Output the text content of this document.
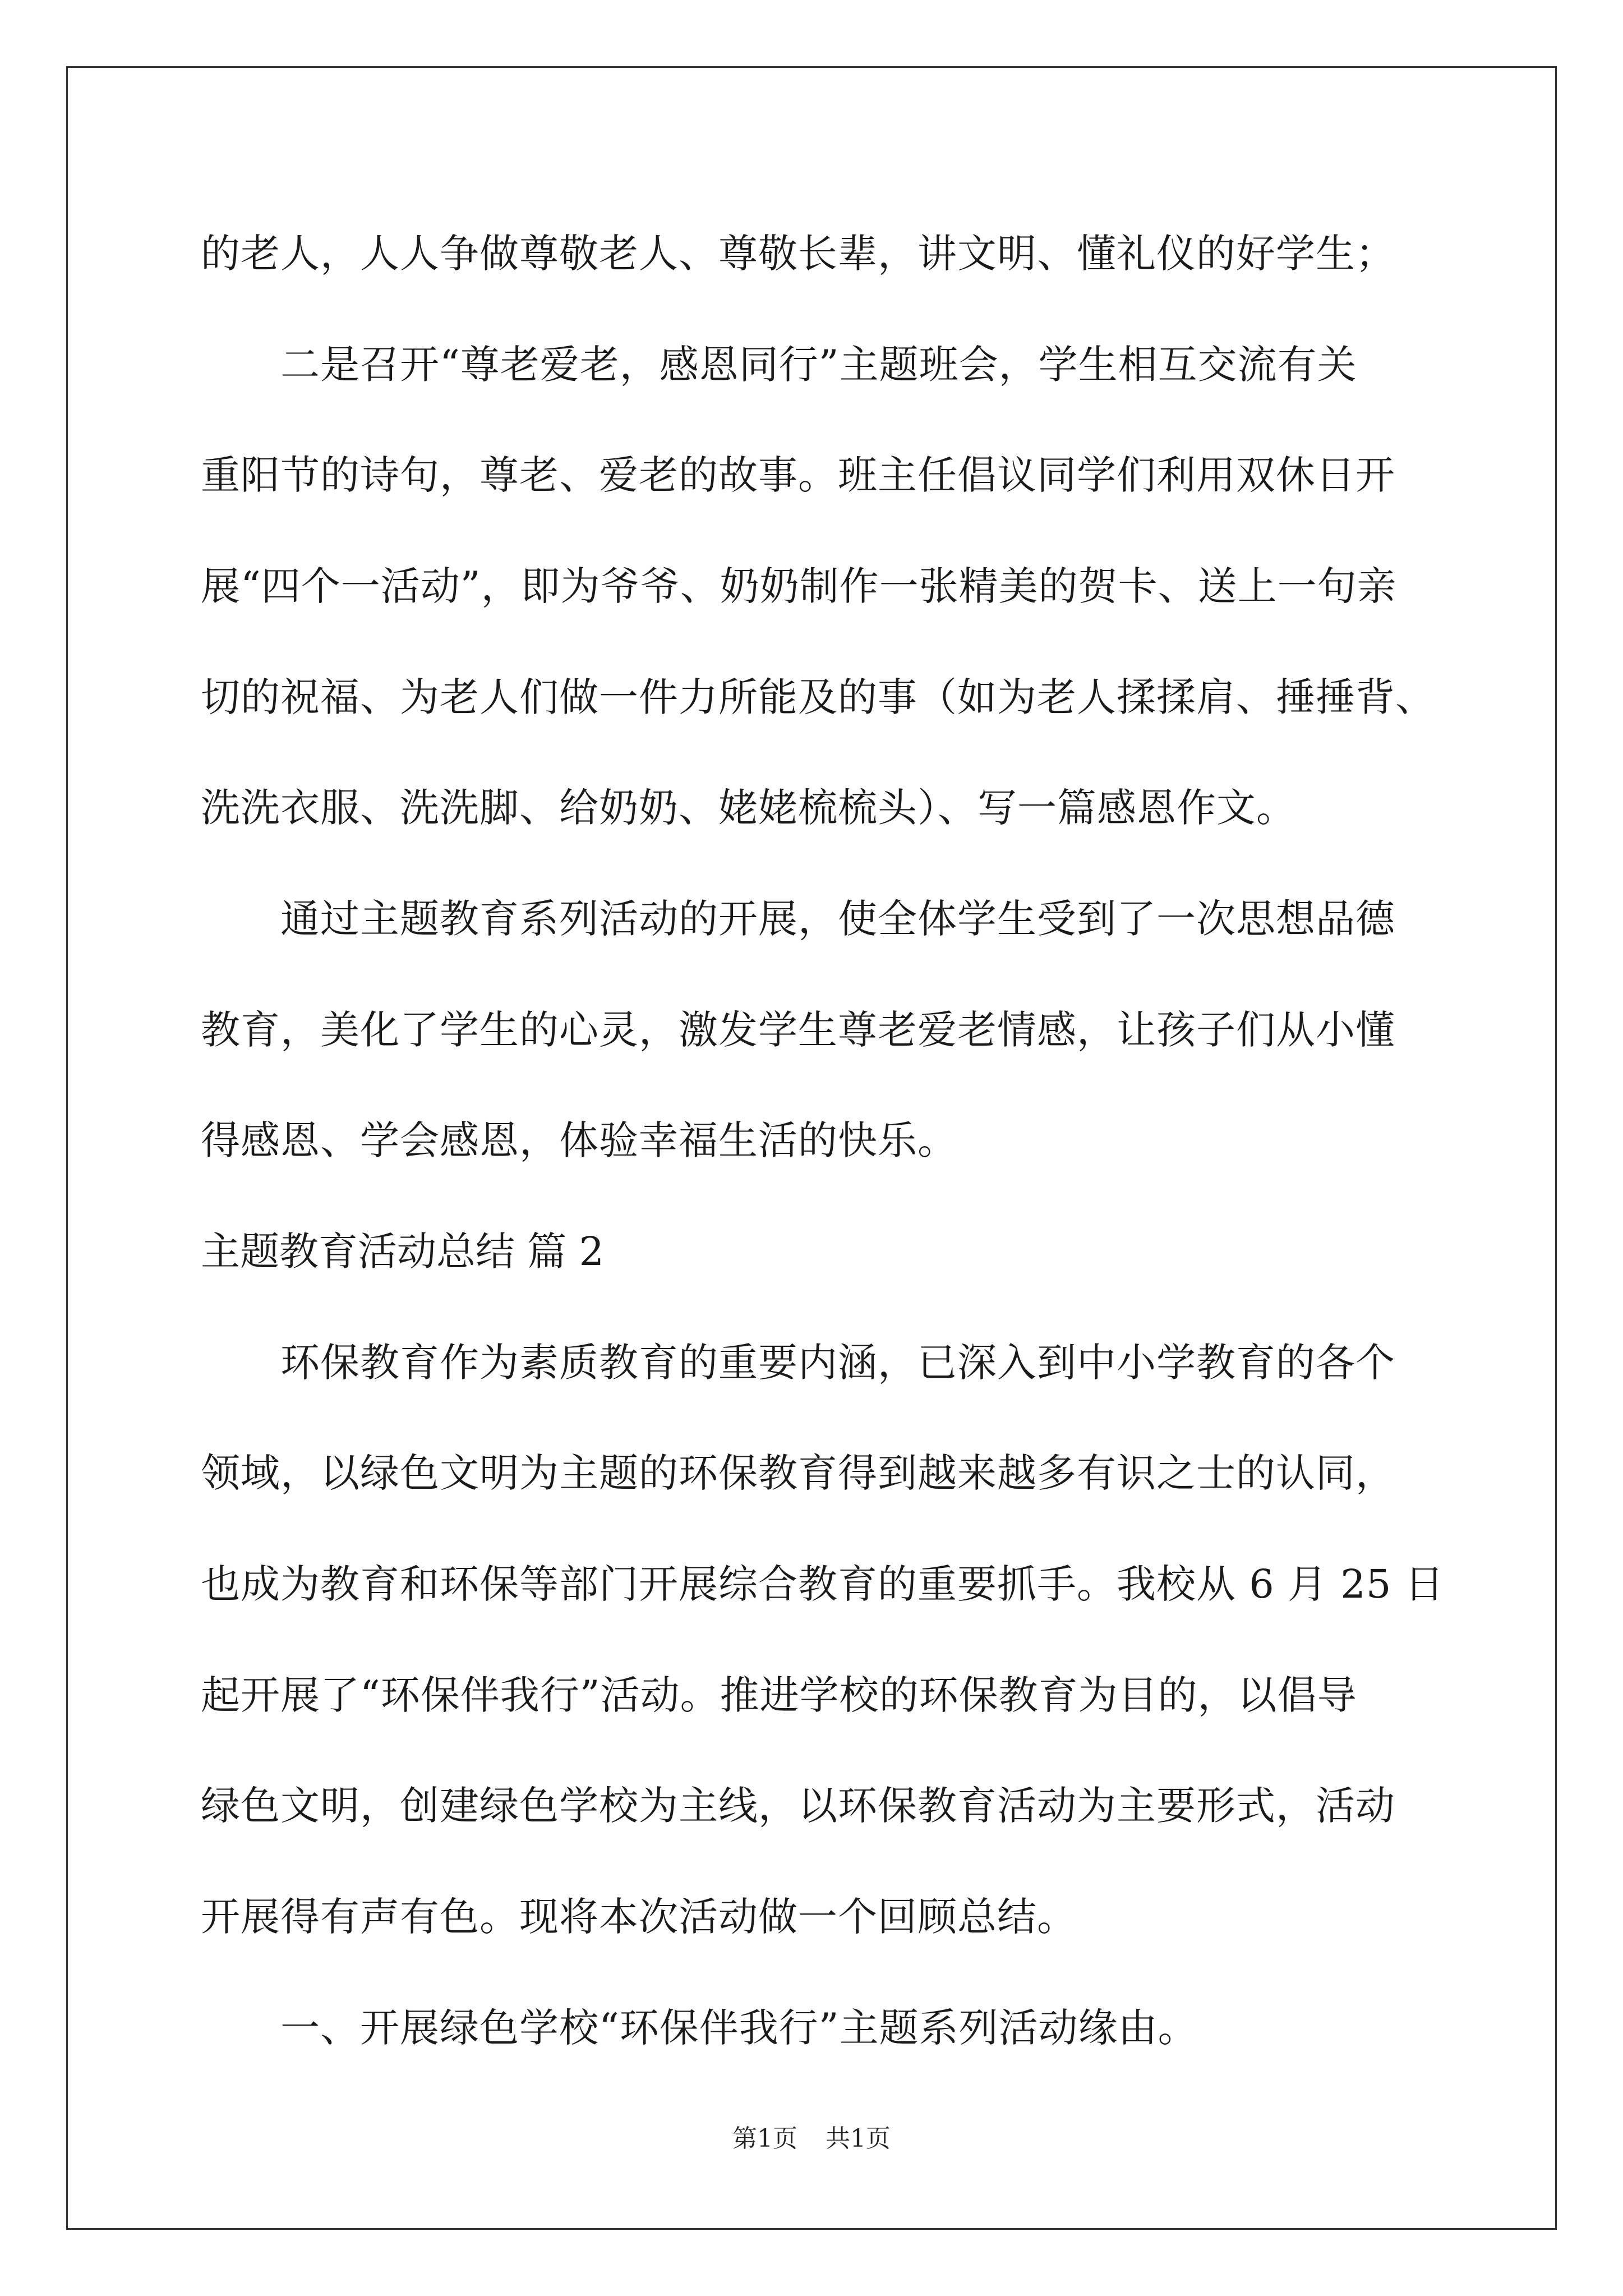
的老人，人人争做尊敬老人、尊敬长辈，讲文明、懂礼仪的好学生；
二是召开“尊老爱老，感恩同行”主题班会，学生相互交流有关
重阳节的诗句，尊老、爱老的故事。班主任倡议同学们利用双休日开
展“四个一活动”，即为爷爷、奶奶制作一张精美的贺卡、送上一句亲
切的祝福、为老人们做一件力所能及的事（如为老人揉揉肩、捶捶背、
洗洗衣服、洗洗脚、给奶奶、姥姥梳梳头）、写一篇感恩作文。
通过主题教育系列活动的开展，使全体学生受到了一次思想品德
教育，美化了学生的心灵，激发学生尊老爱老情感，让孩子们从小懂
得感恩、学会感恩，体验幸福生活的快乐。
主题教育活动总结 篇 2
环保教育作为素质教育的重要内涵，已深入到中小学教育的各个
领域，以绿色文明为主题的环保教育得到越来越多有识之士的认同，
也成为教育和环保等部门开展综合教育的重要抓手。我校从 6 月 25 日
起开展了“环保伴我行”活动。推进学校的环保教育为目的，以倡导
绿色文明，创建绿色学校为主线，以环保教育活动为主要形式，活动
开展得有声有色。现将本次活动做一个回顾总结。
一、开展绿色学校“环保伴我行”主题系列活动缘由。
第1页 共1页
